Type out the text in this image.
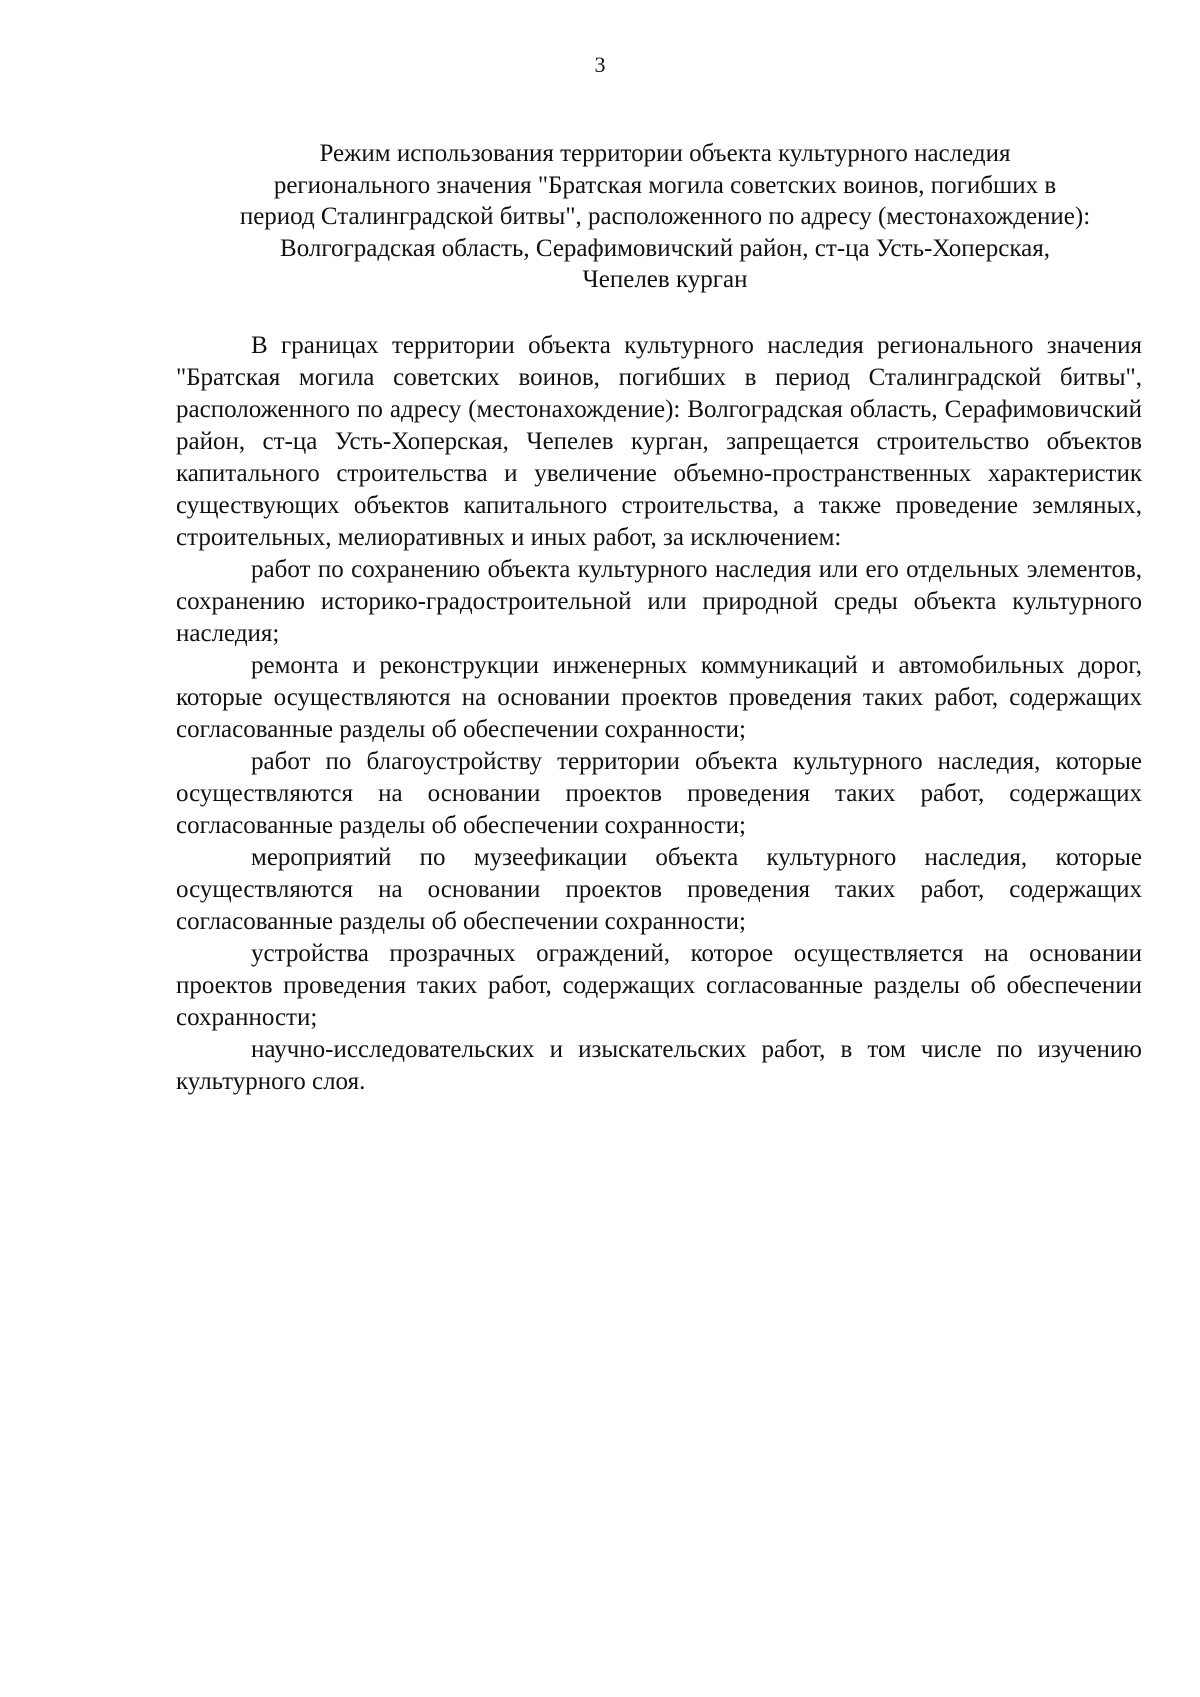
3
Режим использования территории объекта культурного наследия
регионального значения "Братская могила советских воинов, погибших в
период Сталинградской битвы", расположенного по адресу (местонахождение):
Волгоградская область, Серафимовичский район, ст-ца Усть-Хоперская,
Чепелев курган

В границах территории объекта культурного наследия регионального значения "Братская могила советских воинов, погибших в период Сталинградской битвы", расположенного по адресу (местонахождение): Волгоградская область, Серафимовичский район, ст-ца Усть-Хоперская, Чепелев курган, запрещается строительство объектов капитального строительства и увеличение объемно-пространственных характеристик существующих объектов капитального строительства, а также проведение земляных, строительных, мелиоративных и иных работ, за исключением:

работ по сохранению объекта культурного наследия или его отдельных элементов, сохранению историко-градостроительной или природной среды объекта культурного наследия;

ремонта и реконструкции инженерных коммуникаций и автомобильных дорог, которые осуществляются на основании проектов проведения таких работ, содержащих согласованные разделы об обеспечении сохранности;

работ по благоустройству территории объекта культурного наследия, которые осуществляются на основании проектов проведения таких работ, содержащих согласованные разделы об обеспечении сохранности;

мероприятий по музеефикации объекта культурного наследия, которые осуществляются на основании проектов проведения таких работ, содержащих согласованные разделы об обеспечении сохранности;

устройства прозрачных ограждений, которое осуществляется на основании проектов проведения таких работ, содержащих согласованные разделы об обеспечении сохранности;

научно-исследовательских и изыскательских работ, в том числе по изучению культурного слоя.
